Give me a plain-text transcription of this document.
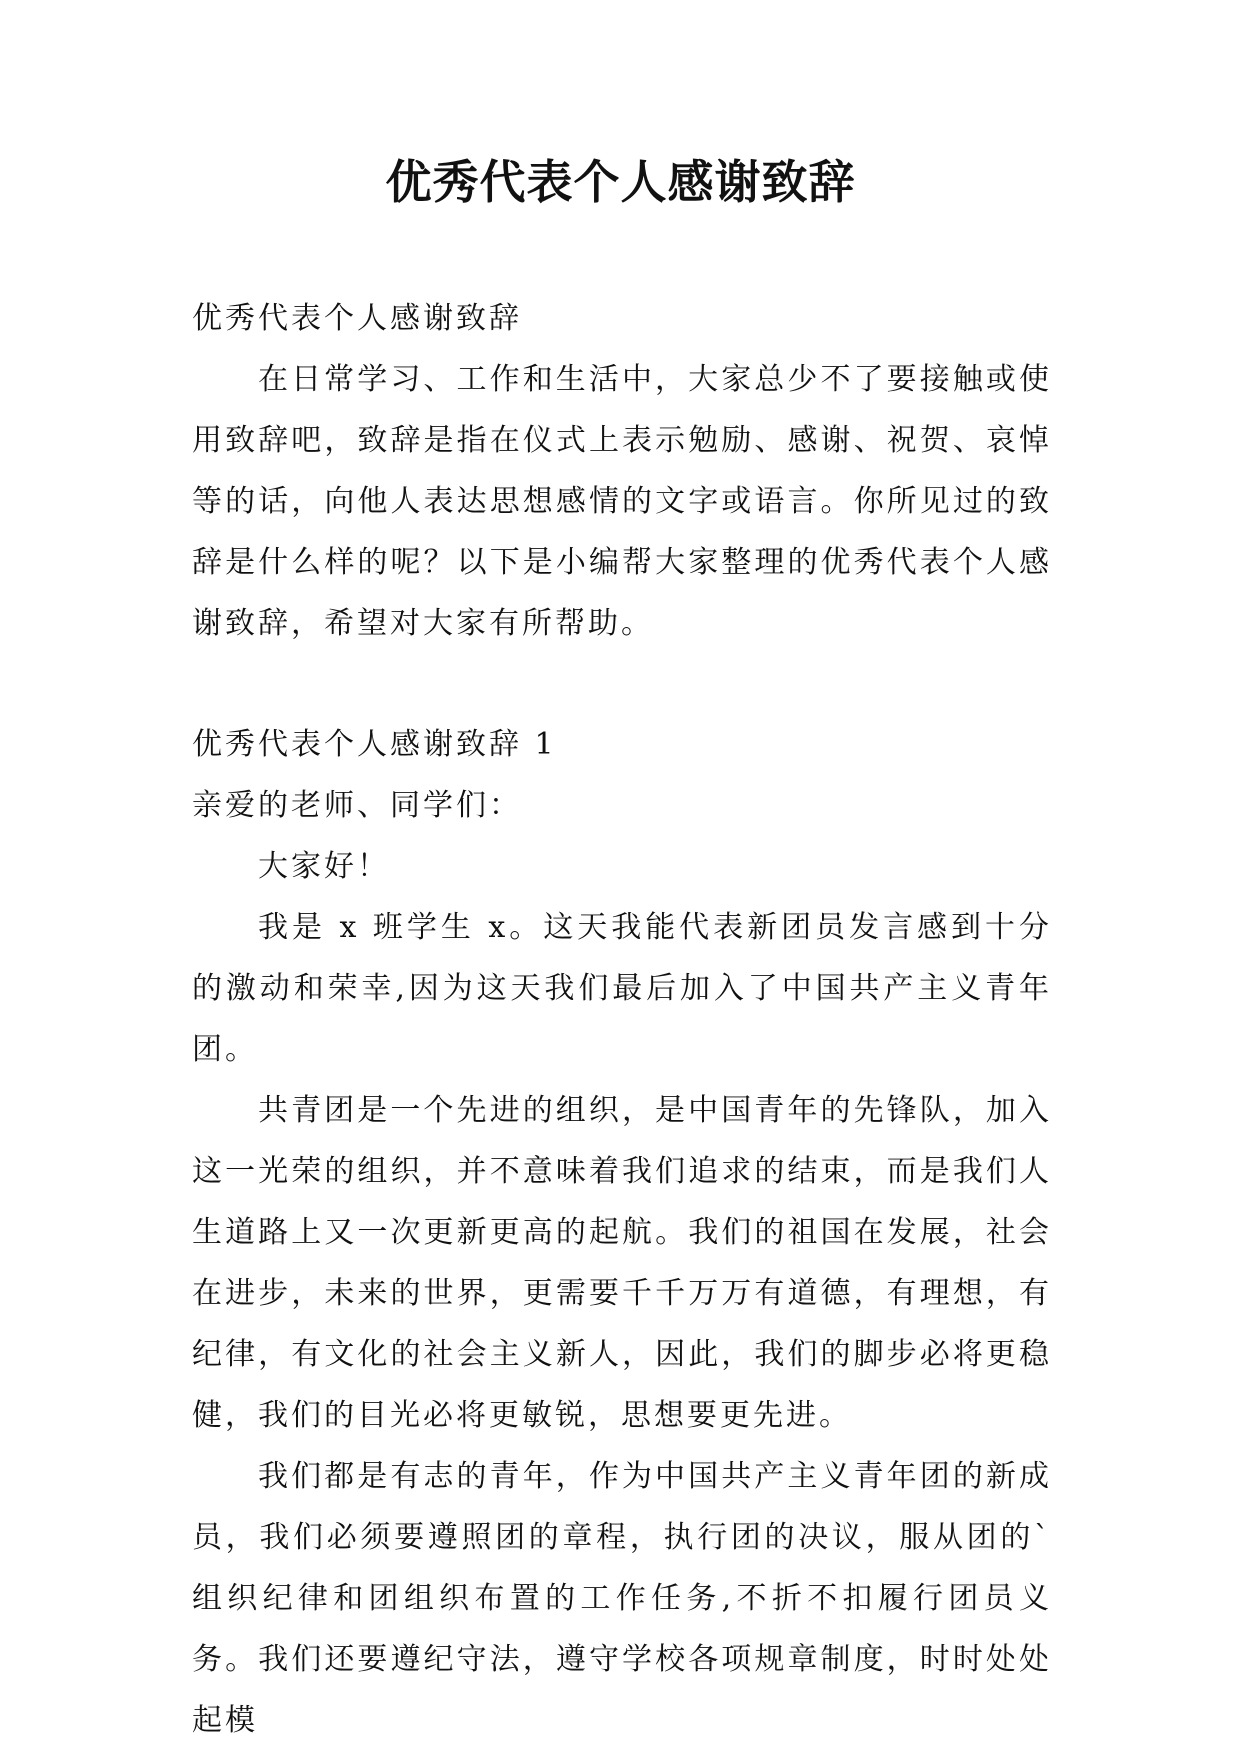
优秀代表个人感谢致辞

优秀代表个人感谢致辞

在日常学习、工作和生活中，大家总少不了要接触或使用致辞吧，致辞是指在仪式上表示勉励、感谢、祝贺、哀悼等的话，向他人表达思想感情的文字或语言。你所见过的致辞是什么样的呢？以下是小编帮大家整理的优秀代表个人感谢致辞，希望对大家有所帮助。

优秀代表个人感谢致辞 1

亲爱的老师、同学们：

大家好！

我是 x 班学生 x。这天我能代表新团员发言感到十分的激动和荣幸,因为这天我们最后加入了中国共产主义青年团。

共青团是一个先进的组织，是中国青年的先锋队，加入这一光荣的组织，并不意味着我们追求的结束，而是我们人生道路上又一次更新更高的起航。我们的祖国在发展，社会在进步，未来的世界，更需要千千万万有道德，有理想，有纪律，有文化的社会主义新人，因此，我们的脚步必将更稳健，我们的目光必将更敏锐，思想要更先进。

我们都是有志的青年，作为中国共产主义青年团的新成员，我们必须要遵照团的章程，执行团的决议，服从团的`组织纪律和团组织布置的工作任务,不折不扣履行团员义务。我们还要遵纪守法，遵守学校各项规章制度，时时处处起模
